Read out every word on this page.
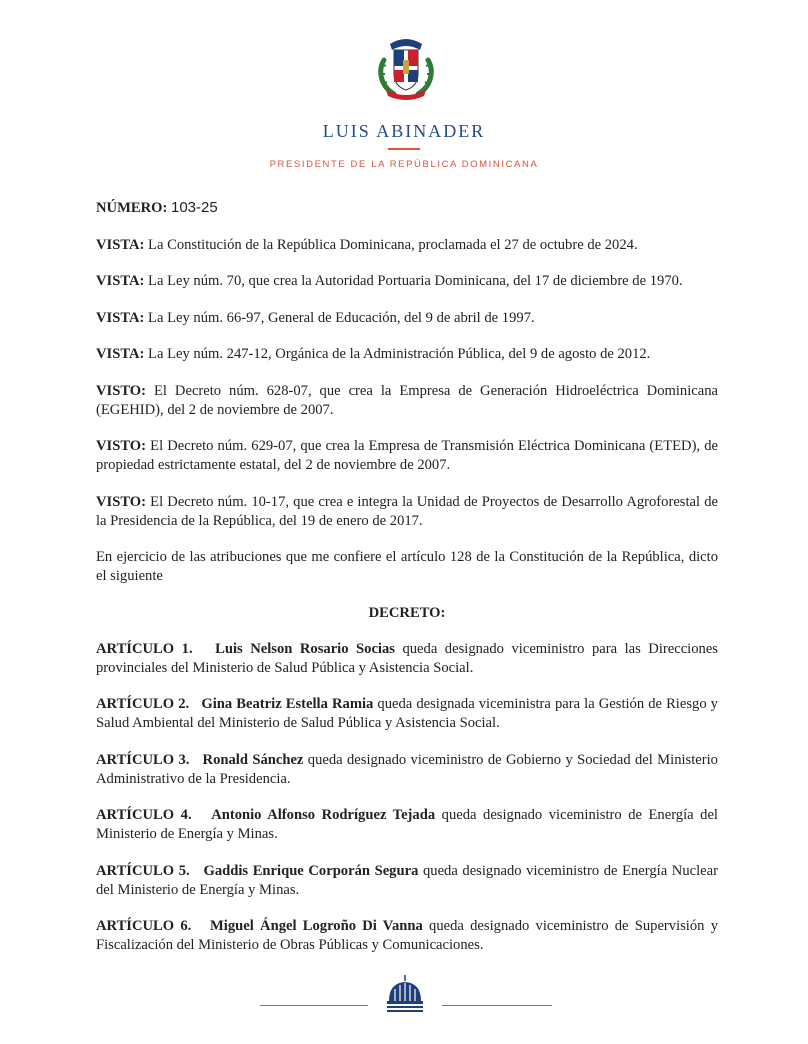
LUIS ABINADER
PRESIDENTE DE LA REPÚBLICA DOMINICANA

NÚMERO: 103-25

VISTA: La Constitución de la República Dominicana, proclamada el 27 de octubre de 2024.

VISTA: La Ley núm. 70, que crea la Autoridad Portuaria Dominicana, del 17 de diciembre de 1970.

VISTA: La Ley núm. 66-97, General de Educación, del 9 de abril de 1997.

VISTA: La Ley núm. 247-12, Orgánica de la Administración Pública, del 9 de agosto de 2012.

VISTO: El Decreto núm. 628-07, que crea la Empresa de Generación Hidroeléctrica Dominicana (EGEHID), del 2 de noviembre de 2007.

VISTO: El Decreto núm. 629-07, que crea la Empresa de Transmisión Eléctrica Dominicana (ETED), de propiedad estrictamente estatal, del 2 de noviembre de 2007.

VISTO: El Decreto núm. 10-17, que crea e integra la Unidad de Proyectos de Desarrollo Agroforestal de la Presidencia de la República, del 19 de enero de 2017.

En ejercicio de las atribuciones que me confiere el artículo 128 de la Constitución de la República, dicto el siguiente

DECRETO:

ARTÍCULO 1. Luis Nelson Rosario Socias queda designado viceministro para las Direcciones provinciales del Ministerio de Salud Pública y Asistencia Social.

ARTÍCULO 2. Gina Beatriz Estella Ramia queda designada viceministra para la Gestión de Riesgo y Salud Ambiental del Ministerio de Salud Pública y Asistencia Social.

ARTÍCULO 3. Ronald Sánchez queda designado viceministro de Gobierno y Sociedad del Ministerio Administrativo de la Presidencia.

ARTÍCULO 4. Antonio Alfonso Rodríguez Tejada queda designado viceministro de Energía del Ministerio de Energía y Minas.

ARTÍCULO 5. Gaddis Enrique Corporán Segura queda designado viceministro de Energía Nuclear del Ministerio de Energía y Minas.

ARTÍCULO 6. Miguel Ángel Logroño Di Vanna queda designado viceministro de Supervisión y Fiscalización del Ministerio de Obras Públicas y Comunicaciones.
